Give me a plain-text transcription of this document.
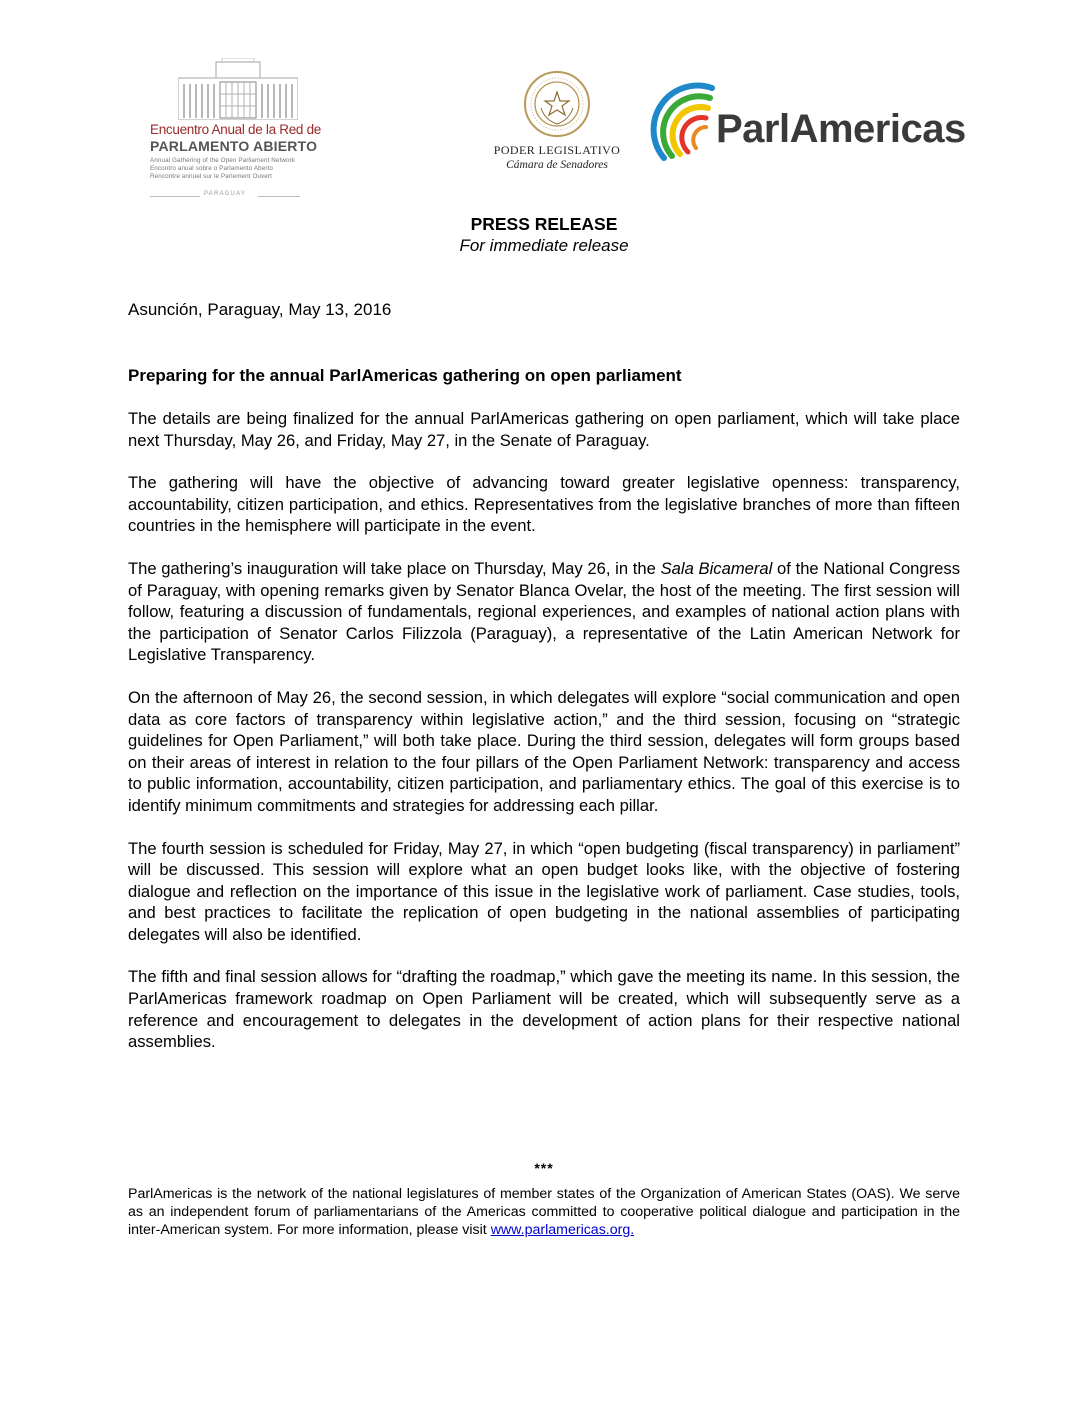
Encuentro Anual de la Red de
PARLAMENTO ABIERTO
Annual Gathering of the Open Parliament Network
Encontro anual sobre o Parlamento Aberto
Rencontre annuel sur le Parlement Ouvert
PARAGUAY
PODER LEGISLATIVO
Cámara de Senadores
ParlAmericas
PRESS RELEASE
For immediate release
Asunción, Paraguay, May 13, 2016
Preparing for the annual ParlAmericas gathering on open parliament

The details are being finalized for the annual ParlAmericas gathering on open parliament, which will take place next Thursday, May 26, and Friday, May 27, in the Senate of Paraguay.

The gathering will have the objective of advancing toward greater legislative openness: transparency, accountability, citizen participation, and ethics. Representatives from the legislative branches of more than fifteen countries in the hemisphere will participate in the event.

The gathering’s inauguration will take place on Thursday, May 26, in the Sala Bicameral of the National Congress of Paraguay, with opening remarks given by Senator Blanca Ovelar, the host of the meeting. The first session will follow, featuring a discussion of fundamentals, regional experiences, and examples of national action plans with the participation of Senator Carlos Filizzola (Paraguay), a representative of the Latin American Network for Legislative Transparency.

On the afternoon of May 26, the second session, in which delegates will explore “social communication and open data as core factors of transparency within legislative action,” and the third session, focusing on “strategic guidelines for Open Parliament,” will both take place. During the third session, delegates will form groups based on their areas of interest in relation to the four pillars of the Open Parliament Network: transparency and access to public information, accountability, citizen participation, and parliamentary ethics. The goal of this exercise is to identify minimum commitments and strategies for addressing each pillar.

The fourth session is scheduled for Friday, May 27, in which “open budgeting (fiscal transparency) in parliament” will be discussed. This session will explore what an open budget looks like, with the objective of fostering dialogue and reflection on the importance of this issue in the legislative work of parliament. Case studies, tools, and best practices to facilitate the replication of open budgeting in the national assemblies of participating delegates will also be identified.

The fifth and final session allows for “drafting the roadmap,” which gave the meeting its name. In this session, the ParlAmericas framework roadmap on Open Parliament will be created, which will subsequently serve as a reference and encouragement to delegates in the development of action plans for their respective national assemblies.

***
ParlAmericas is the network of the national legislatures of member states of the Organization of American States (OAS). We serve as an independent forum of parliamentarians of the Americas committed to cooperative political dialogue and participation in the inter-American system. For more information, please visit www.parlamericas.org.
